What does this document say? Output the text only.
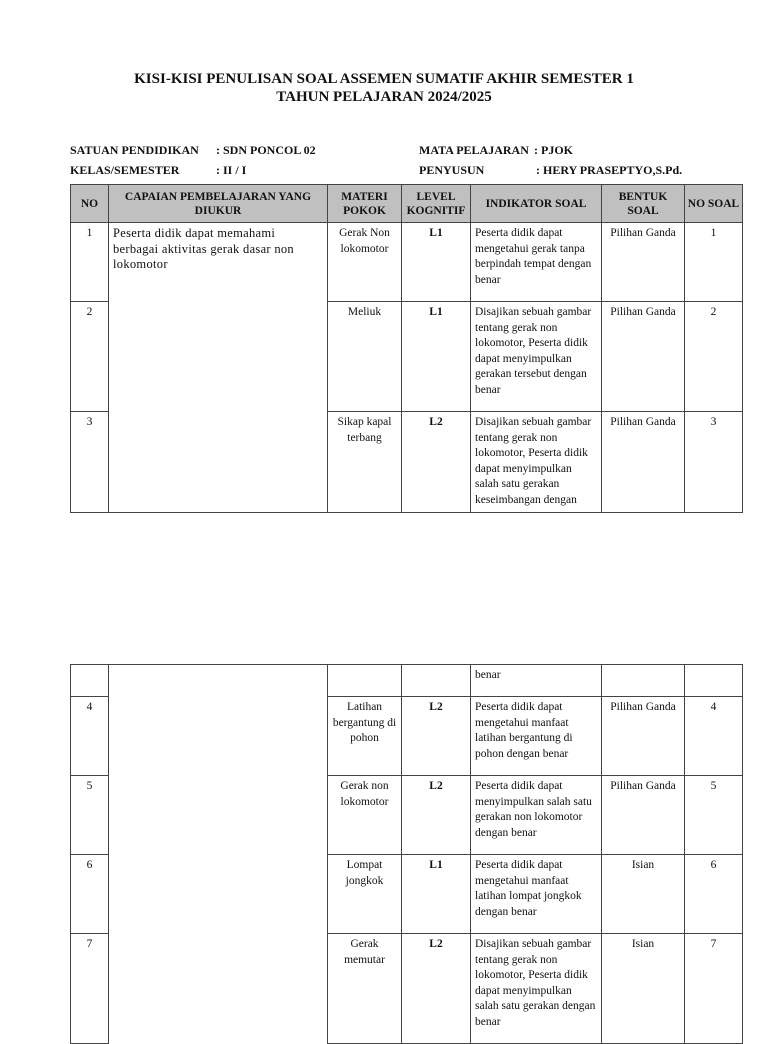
KISI-KISI PENULISAN SOAL ASSEMEN SUMATIF AKHIR SEMESTER 1
TAHUN PELAJARAN 2024/2025
SATUAN PENDIDIKAN : SDN PONCOL 02
KELAS/SEMESTER	: II / I
MATA PELAJARAN : PJOK
PENYUSUN	: HERY PRASEPTYO,S.Pd.
NO	CAPAIAN PEMBELAJARAN YANG DIUKUR	MATERI POKOK	LEVEL KOGNITIF	INDIKATOR SOAL	BENTUK SOAL	NO SOAL
1	Peserta didik dapat memahami berbagai aktivitas gerak dasar non lokomotor	Gerak Non lokomotor	L1	Peserta didik dapat mengetahui gerak tanpa berpindah tempat dengan benar	Pilihan Ganda	1
2		Meliuk	L1	Disajikan sebuah gambar tentang gerak non lokomotor, Peserta didik dapat menyimpulkan gerakan tersebut dengan benar	Pilihan Ganda	2
3		Sikap kapal terbang	L2	Disajikan sebuah gambar tentang gerak non lokomotor, Peserta didik dapat menyimpulkan salah satu gerakan keseimbangan dengan	Pilihan Ganda	3
				benar		
4		Latihan bergantung di pohon	L2	Peserta didik dapat mengetahui manfaat latihan bergantung di pohon dengan benar	Pilihan Ganda	4
5		Gerak non lokomotor	L2	Peserta didik dapat menyimpulkan salah satu gerakan non lokomotor dengan benar	Pilihan Ganda	5
6		Lompat jongkok	L1	Peserta didik dapat mengetahui manfaat latihan lompat jongkok dengan benar	Isian	6
7		Gerak memutar	L2	Disajikan sebuah gambar tentang gerak non lokomotor, Peserta didik dapat menyimpulkan salah satu gerakan dengan benar	Isian	7
